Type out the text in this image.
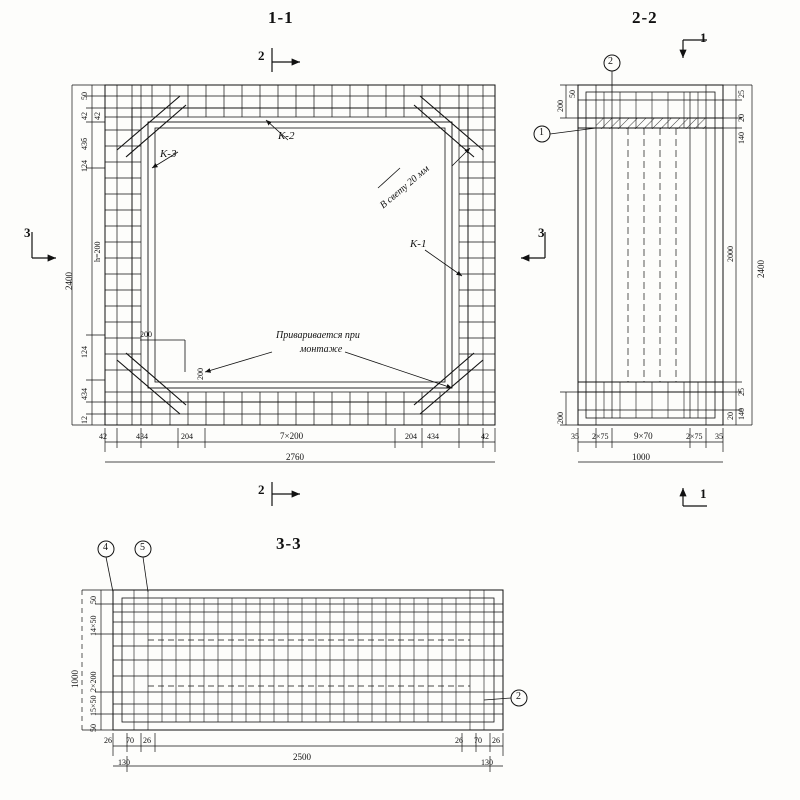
1-1	2-2
3-3
3	3
2
2
1
1
2
1
4	5
2
К-3
К-2
К-1
В свету 20 мм
Приваривается при
монтаже
50
42
43б
42
124
124
434
12
h=200
2400
200
200
42	434	204	7×200	204 434	42
2760
200
50
200
25
20
140
2000
2400
25
140
20
35 2×75	9×70	2×75 35
1000
50
14×50
2×200
15×50
50
1000
26 70 26
2500
26 70 26
130	130
